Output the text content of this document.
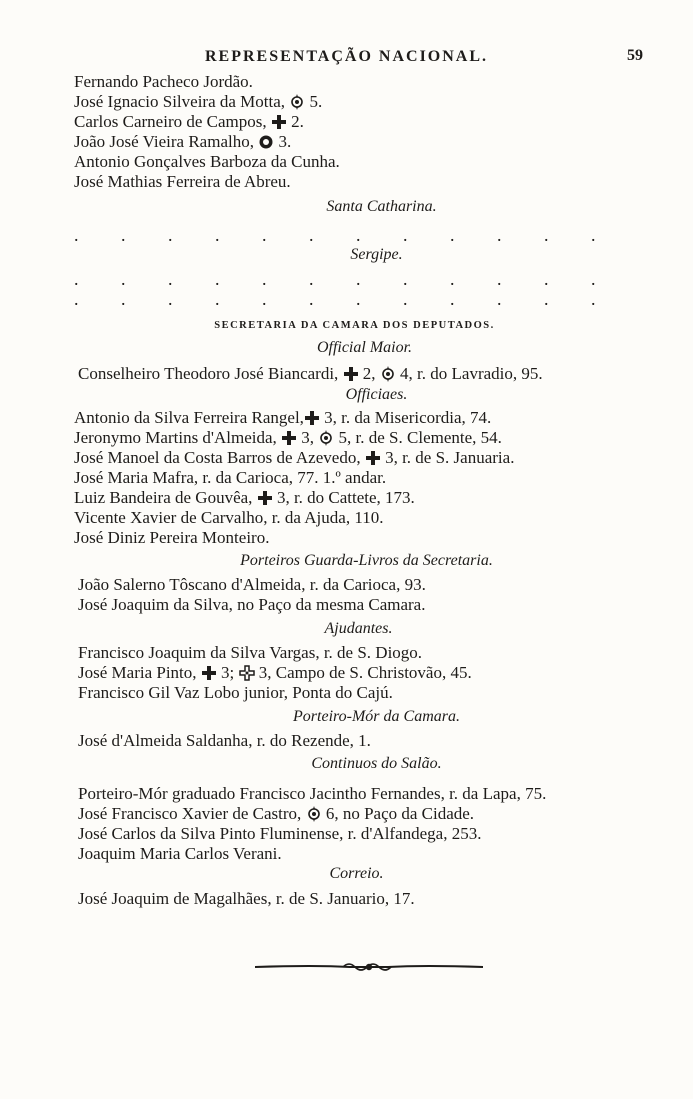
REPRESENTAÇÃO NACIONAL.	59
Fernando Pacheco Jordão.
José Ignacio Silveira da Motta,  5.
Carlos Carneiro de Campos,  2.
João José Vieira Ramalho,  3.
Antonio Gonçalves Barboza da Cunha.
José Mathias Ferreira de Abreu.
Santa Catharina.
. . . . . . . . . . . .
Sergipe.
. . . . . . . . . . . .
. . . . . . . . . . . .
SECRETARIA DA CAMARA DOS DEPUTADOS.
Official Maior.
Conselheiro Theodoro José Biancardi,  2,  4, r. do Lavradio, 95.
Officiaes.
Antonio da Silva Ferreira Rangel, 3, r. da Misericordia, 74.
Jeronymo Martins d'Almeida,  3,  5, r. de S. Clemente, 54.
José Manoel da Costa Barros de Azevedo,  3, r. de S. Januaria.
José Maria Mafra, r. da Carioca, 77. 1.º andar.
Luiz Bandeira de Gouvêa,  3, r. do Cattete, 173.
Vicente Xavier de Carvalho, r. da Ajuda, 110.
José Diniz Pereira Monteiro.
Porteiros Guarda-Livros da Secretaria.
João Salerno Tôscano d'Almeida, r. da Carioca, 93.
José Joaquim da Silva, no Paço da mesma Camara.
Ajudantes.
Francisco Joaquim da Silva Vargas, r. de S. Diogo.
José Maria Pinto,  3;  3, Campo de S. Christovão, 45.
Francisco Gil Vaz Lobo junior, Ponta do Cajú.
Porteiro-Mór da Camara.
José d'Almeida Saldanha, r. do Rezende, 1.
Continuos do Salão.
Porteiro-Mór graduado Francisco Jacintho Fernandes, r. da Lapa, 75.
José Francisco Xavier de Castro,  6, no Paço da Cidade.
José Carlos da Silva Pinto Fluminense, r. d'Alfandega, 253.
Joaquim Maria Carlos Verani.
Correio.
José Joaquim de Magalhães, r. de S. Januario, 17.
